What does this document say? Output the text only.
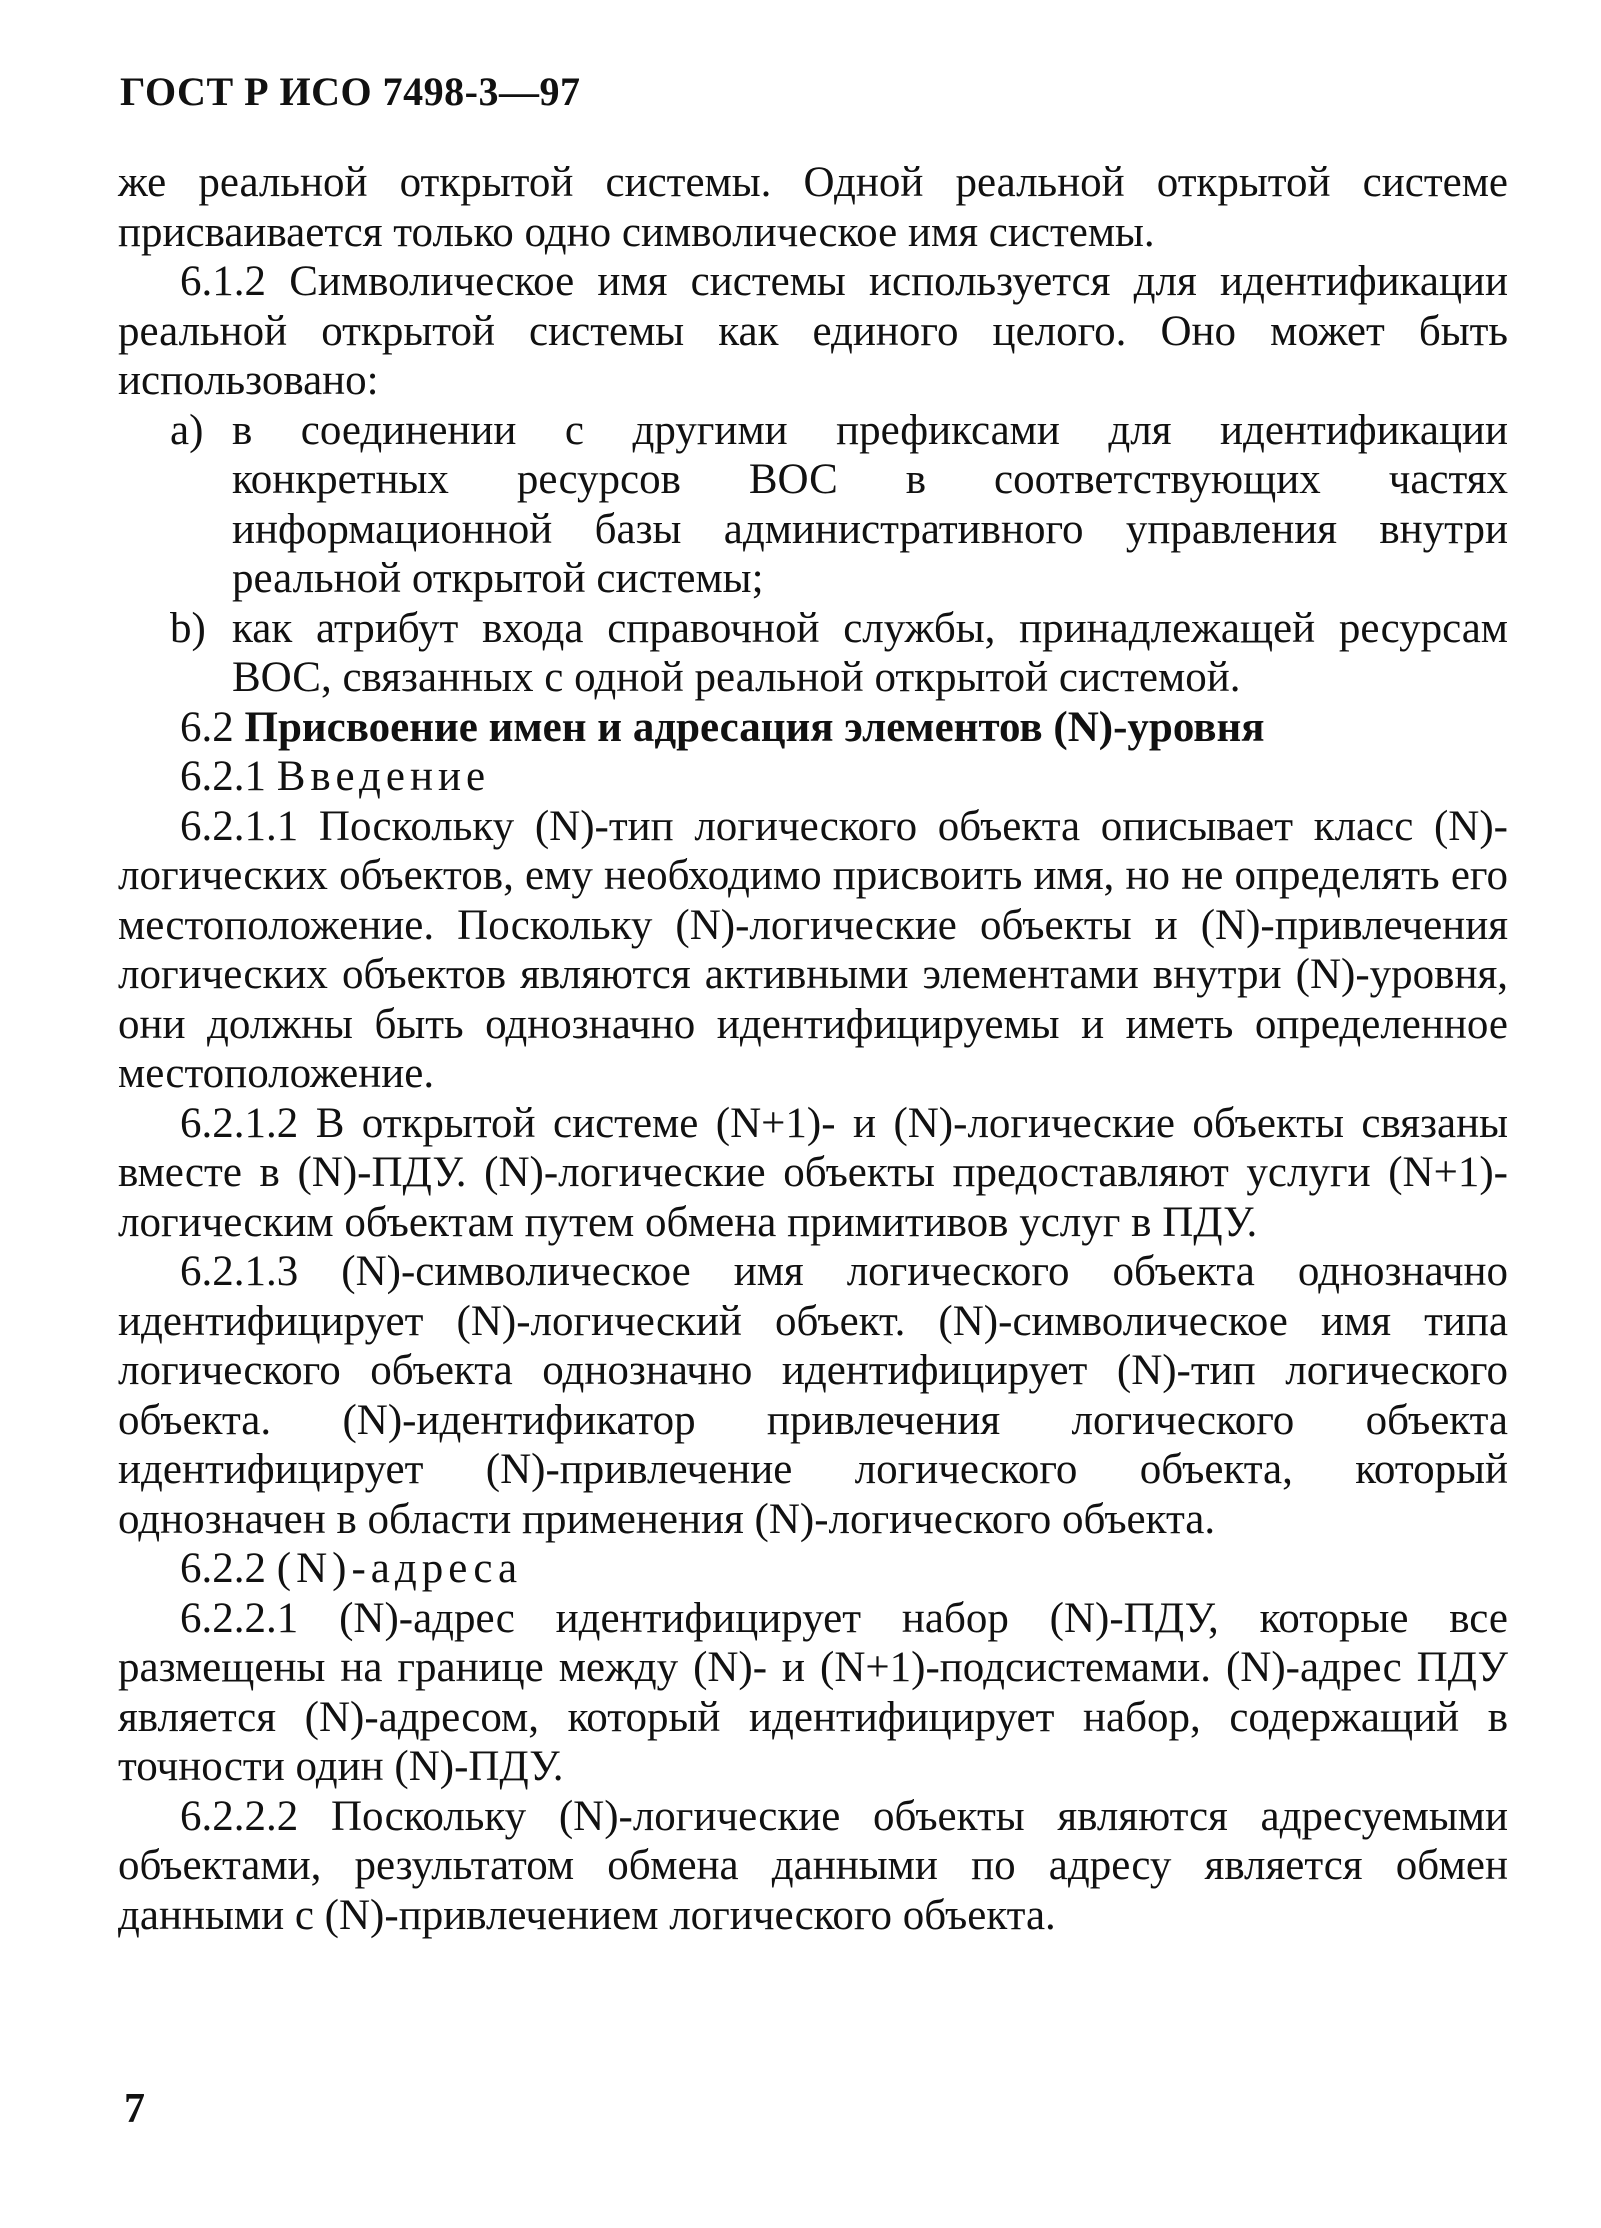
ГОСТ Р ИСО 7498-3—97

же реальной открытой системы. Одной реальной открытой системе присваивается только одно символическое имя системы.

6.1.2 Символическое имя системы используется для идентификации реальной открытой системы как единого целого. Оно может быть использовано:

a) в соединении с другими префиксами для идентификации конкретных ресурсов ВОС в соответствующих частях информационной базы административного управления внутри реальной открытой системы;

b) как атрибут входа справочной службы, принадлежащей ресурсам ВОС, связанных с одной реальной открытой системой.

6.2 Присвоение имен и адресация элементов (N)-уровня

6.2.1 Введение

6.2.1.1 Поскольку (N)-тип логического объекта описывает класс (N)-логических объектов, ему необходимо присвоить имя, но не определять его местоположение. Поскольку (N)-логические объекты и (N)-привлечения логических объектов являются активными элементами внутри (N)-уровня, они должны быть однозначно идентифицируемы и иметь определенное местоположение.

6.2.1.2 В открытой системе (N+1)- и (N)-логические объекты связаны вместе в (N)-ПДУ. (N)-логические объекты предоставляют услуги (N+1)-логическим объектам путем обмена примитивов услуг в ПДУ.

6.2.1.3 (N)-символическое имя логического объекта однозначно идентифицирует (N)-логический объект. (N)-символическое имя типа логического объекта однозначно идентифицирует (N)-тип логического объекта. (N)-идентификатор привлечения логического объекта идентифицирует (N)-привлечение логического объекта, который однозначен в области применения (N)-логического объекта.

6.2.2 (N)-адреса

6.2.2.1 (N)-адрес идентифицирует набор (N)-ПДУ, которые все размещены на границе между (N)- и (N+1)-подсистемами. (N)-адрес ПДУ является (N)-адресом, который идентифицирует набор, содержащий в точности один (N)-ПДУ.

6.2.2.2 Поскольку (N)-логические объекты являются адресуемыми объектами, результатом обмена данными по адресу является обмен данными с (N)-привлечением логического объекта.

7
